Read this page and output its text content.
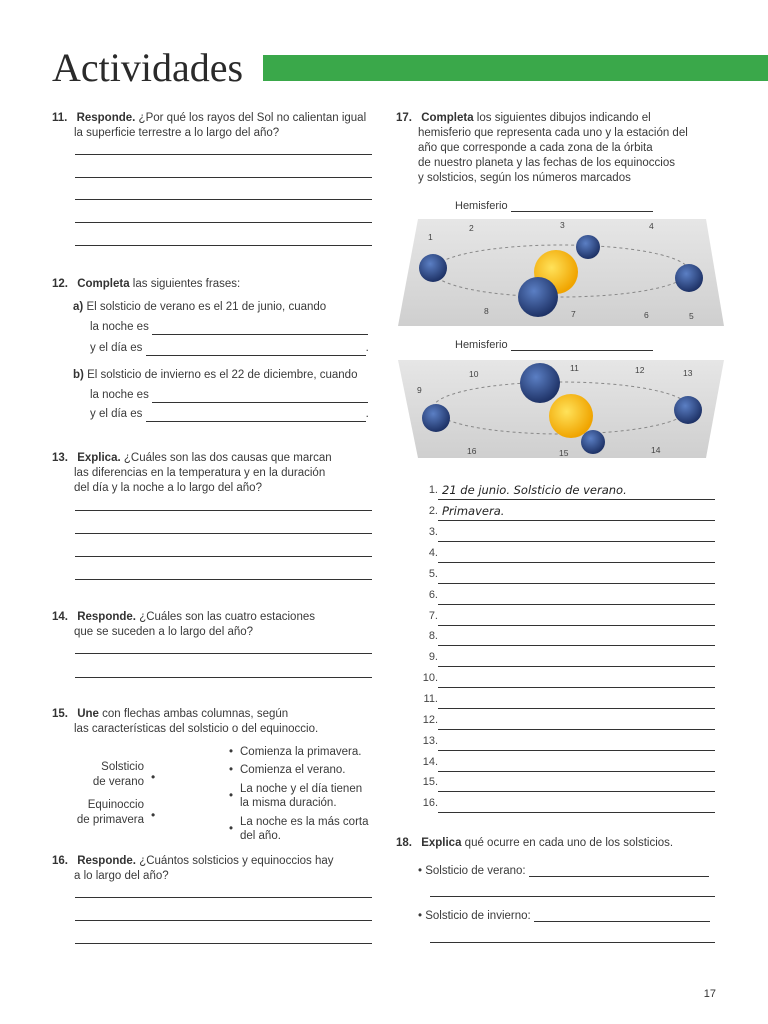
Actividades
11. Responde. ¿Por qué los rayos del Sol no calientan igual
la superficie terrestre a lo largo del año?
12. Completa las siguientes frases:
a) El solsticio de verano es el 21 de junio, cuando
la noche es
y el día es	.
b) El solsticio de invierno es el 22 de diciembre, cuando
la noche es
y el día es	.
13. Explica. ¿Cuáles son las dos causas que marcan
las diferencias en la temperatura y en la duración
del día y la noche a lo largo del año?
14. Responde. ¿Cuáles son las cuatro estaciones
que se suceden a lo largo del año?
15. Une con flechas ambas columnas, según
las características del solsticio o del equinoccio.
Solsticio
de verano •
Equinoccio
de primavera •
• Comienza la primavera.
• Comienza el verano.
•
La noche y el día tienen la misma duración.
•
La noche es la más corta del año.
16. Responde. ¿Cuántos solsticios y equinoccios hay
a lo largo del año?
17. Completa los siguientes dibujos indicando el
hemisferio que representa cada uno y la estación del
año que corresponde a cada zona de la órbita
de nuestro planeta y las fechas de los equinoccios
y solsticios, según los números marcados
Hemisferio
1
2	3	4
5
6
7
8
Hemisferio
9
10
11	12	13
14
15
16
1. 21 de junio. Solsticio de verano.
2. Primavera.
3.
4.
5.
6.
7.
8.
9.
10.
11.
12.
13.
14.
15.
16.
18. Explica qué ocurre en cada uno de los solsticios.
• Solsticio de verano:
• Solsticio de invierno:
17
